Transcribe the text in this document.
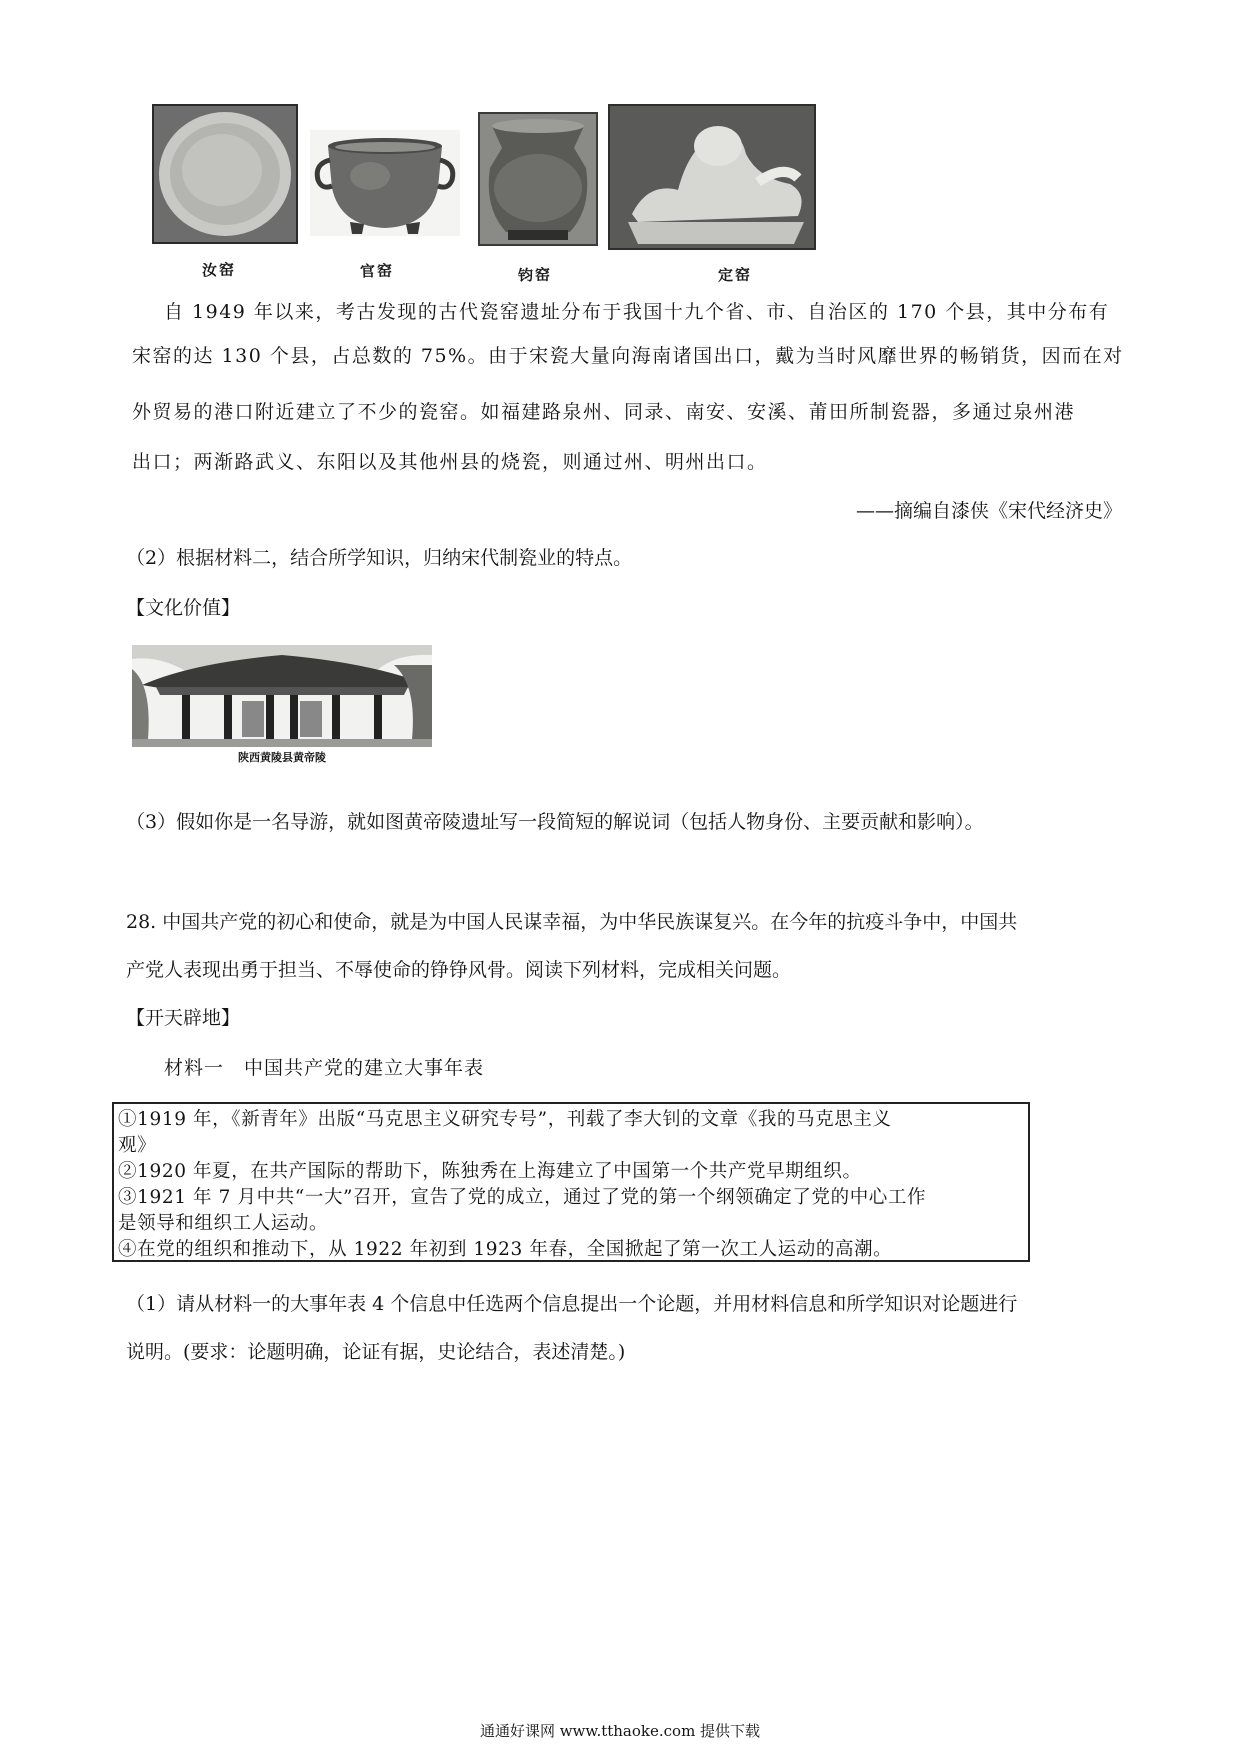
汝窑	官窑	钧窑	定窑
自 1949 年以来，考古发现的古代瓷窑遗址分布于我国十九个省、市、自治区的 170 个县，其中分布有
宋窑的达 130 个县，占总数的 75%。由于宋瓷大量向海南诸国出口，戴为当时风靡世界的畅销货，因而在对
外贸易的港口附近建立了不少的瓷窑。如福建路泉州、同录、南安、安溪、莆田所制瓷器，多通过泉州港
出口；两渐路武义、东阳以及其他州县的烧瓷，则通过州、明州出口。
——摘编自漆侠《宋代经济史》
（2）根据材料二，结合所学知识，归纳宋代制瓷业的特点。
【文化价值】
陕西黄陵县黄帝陵
（3）假如你是一名导游，就如图黄帝陵遗址写一段简短的解说词（包括人物身份、主要贡献和影响）。
28. 中国共产党的初心和使命，就是为中国人民谋幸福，为中华民族谋复兴。在今年的抗疫斗争中，中国共
产党人表现出勇于担当、不辱使命的铮铮风骨。阅读下列材料，完成相关问题。
【开天辟地】
材料一　中国共产党的建立大事年表
①1919 年，《新青年》出版“马克思主义研究专号”，刊载了李大钊的文章《我的马克思主义
观》
②1920 年夏，在共产国际的帮助下，陈独秀在上海建立了中国第一个共产党早期组织。
③1921 年 7 月中共“一大”召开，宣告了党的成立，通过了党的第一个纲领确定了党的中心工作
是领导和组织工人运动。
④在党的组织和推动下，从 1922 年初到 1923 年春，全国掀起了第一次工人运动的高潮。
（1）请从材料一的大事年表 4 个信息中任选两个信息提出一个论题，并用材料信息和所学知识对论题进行
说明。(要求：论题明确，论证有据，史论结合，表述清楚。)
通通好课网 www.tthaoke.com 提供下载
